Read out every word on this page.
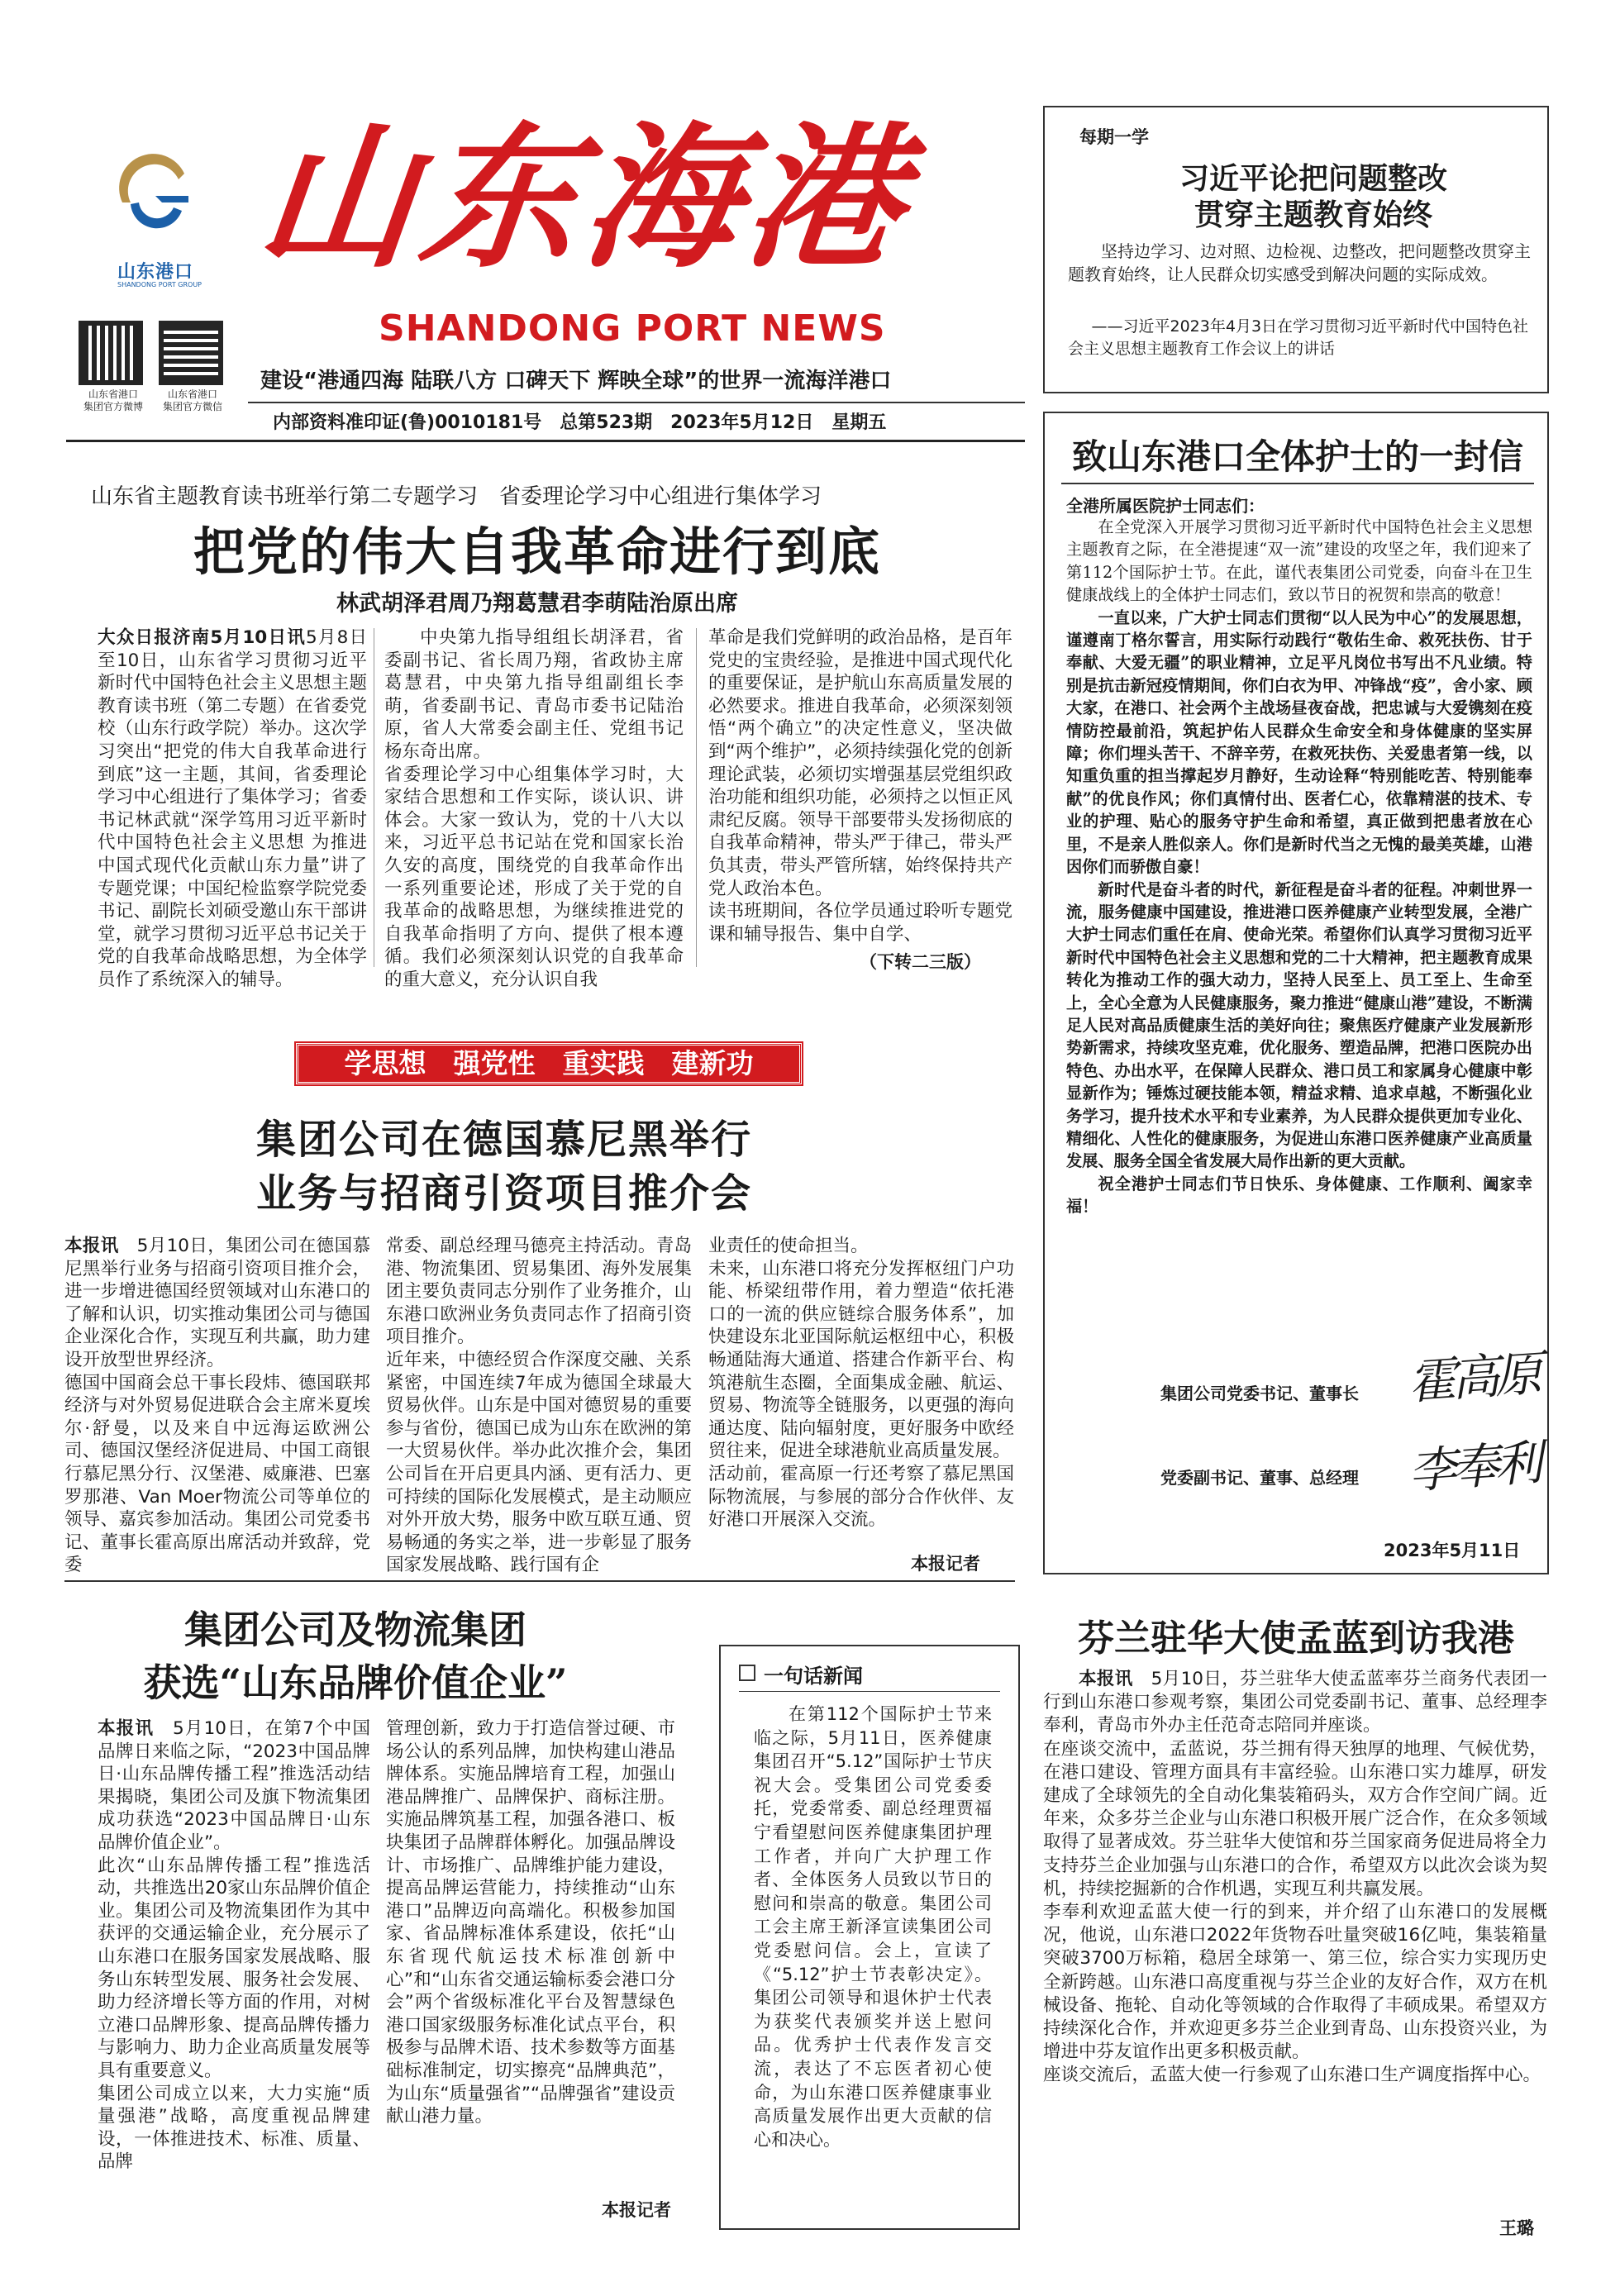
山东港口
SHANDONG PORT GROUP 山东海港
SHANDONG PORT NEWS
山东省港口
集团官方微博
山东省港口
集团官方微信
建设“港通四海 陆联八方 口碑天下 辉映全球”的世界一流海洋港口
内部资料准印证(鲁)0010181号　总第523期　2023年5月12日　星期五
每期一学
习近平论把问题整改
贯穿主题教育始终
坚持边学习、边对照、边检视、边整改，把问题整改贯穿主题教育始终，让人民群众切实感受到解决问题的实际成效。
——习近平2023年4月3日在学习贯彻习近平新时代中国特色社会主义思想主题教育工作会议上的讲话
山东省主题教育读书班举行第二专题学习　省委理论学习中心组进行集体学习
把党的伟大自我革命进行到底
林武胡泽君周乃翔葛慧君李萌陆治原出席
大众日报济南5月10日讯5月8日至10日，山东省学习贯彻习近平新时代中国特色社会主义思想主题教育读书班（第二专题）在省委党校（山东行政学院）举办。这次学习突出“把党的伟大自我革命进行到底”这一主题，其间，省委理论学习中心组进行了集体学习；省委书记林武就“深学笃用习近平新时代中国特色社会主义思想 为推进中国式现代化贡献山东力量”讲了专题党课；中国纪检监察学院党委书记、副院长刘硕受邀山东干部讲堂，就学习贯彻习近平总书记关于党的自我革命战略思想，为全体学员作了系统深入的辅导。
中央第九指导组组长胡泽君，省委副书记、省长周乃翔，省政协主席葛慧君，中央第九指导组副组长李萌，省委副书记、青岛市委书记陆治原，省人大常委会副主任、党组书记杨东奇出席。
省委理论学习中心组集体学习时，大家结合思想和工作实际，谈认识、讲体会。大家一致认为，党的十八大以来，习近平总书记站在党和国家长治久安的高度，围绕党的自我革命作出一系列重要论述，形成了关于党的自我革命的战略思想，为继续推进党的自我革命指明了方向、提供了根本遵循。我们必须深刻认识党的自我革命的重大意义，充分认识自我
革命是我们党鲜明的政治品格，是百年党史的宝贵经验，是推进中国式现代化的重要保证，是护航山东高质量发展的必然要求。推进自我革命，必须深刻领悟“两个确立”的决定性意义，坚决做到“两个维护”，必须持续强化党的创新理论武装，必须切实增强基层党组织政治功能和组织功能，必须持之以恒正风肃纪反腐。领导干部要带头发扬彻底的自我革命精神，带头严于律己，带头严负其责，带头严管所辖，始终保持共产党人政治本色。
读书班期间，各位学员通过聆听专题党课和辅导报告、集中自学、
（下转二三版）
致山东港口全体护士的一封信
全港所属医院护士同志们：
在全党深入开展学习贯彻习近平新时代中国特色社会主义思想主题教育之际，在全港提速“双一流”建设的攻坚之年，我们迎来了第112个国际护士节。在此，谨代表集团公司党委，向奋斗在卫生健康战线上的全体护士同志们，致以节日的祝贺和崇高的敬意！
一直以来，广大护士同志们贯彻“以人民为中心”的发展思想，谨遵南丁格尔誓言，用实际行动践行“敬佑生命、救死扶伤、甘于奉献、大爱无疆”的职业精神，立足平凡岗位书写出不凡业绩。特别是抗击新冠疫情期间，你们白衣为甲、冲锋战“疫”，舍小家、顾大家，在港口、社会两个主战场昼夜奋战，把忠诚与大爱镌刻在疫情防控最前沿，筑起护佑人民群众生命安全和身体健康的坚实屏障；你们埋头苦干、不辞辛劳，在救死扶伤、关爱患者第一线，以知重负重的担当撑起岁月静好，生动诠释“特别能吃苦、特别能奉献”的优良作风；你们真情付出、医者仁心，依靠精湛的技术、专业的护理、贴心的服务守护生命和希望，真正做到把患者放在心里，不是亲人胜似亲人。你们是新时代当之无愧的最美英雄，山港因你们而骄傲自豪！
新时代是奋斗者的时代，新征程是奋斗者的征程。冲刺世界一流，服务健康中国建设，推进港口医养健康产业转型发展，全港广大护士同志们重任在肩、使命光荣。希望你们认真学习贯彻习近平新时代中国特色社会主义思想和党的二十大精神，把主题教育成果转化为推动工作的强大动力，坚持人民至上、员工至上、生命至上，全心全意为人民健康服务，聚力推进“健康山港”建设，不断满足人民对高品质健康生活的美好向往；聚焦医疗健康产业发展新形势新需求，持续攻坚克难，优化服务、塑造品牌，把港口医院办出特色、办出水平，在保障人民群众、港口员工和家属身心健康中彰显新作为；锤炼过硬技能本领，精益求精、追求卓越，不断强化业务学习，提升技术水平和专业素养，为人民群众提供更加专业化、精细化、人性化的健康服务，为促进山东港口医养健康产业高质量发展、服务全国全省发展大局作出新的更大贡献。
祝全港护士同志们节日快乐、身体健康、工作顺利、阖家幸福！
集团公司党委书记、董事长 霍高原
党委副书记、董事、总经理 李奉利
2023年5月11日
学思想　强党性　重实践　建新功
集团公司在德国慕尼黑举行
业务与招商引资项目推介会
本报讯　 5月10日，集团公司在德国慕尼黑举行业务与招商引资项目推介会，进一步增进德国经贸领域对山东港口的了解和认识，切实推动集团公司与德国企业深化合作，实现互利共赢，助力建设开放型世界经济。
德国中国商会总干事长段炜、德国联邦经济与对外贸易促进联合会主席米夏埃尔·舒曼，以及来自中远海运欧洲公司、德国汉堡经济促进局、中国工商银行慕尼黑分行、汉堡港、威廉港、巴塞罗那港、Van Moer物流公司等单位的领导、嘉宾参加活动。集团公司党委书记、董事长霍高原出席活动并致辞，党委
常委、副总经理马德亮主持活动。青岛港、物流集团、贸易集团、海外发展集团主要负责同志分别作了业务推介，山东港口欧洲业务负责同志作了招商引资项目推介。
近年来，中德经贸合作深度交融、关系紧密，中国连续7年成为德国全球最大贸易伙伴。山东是中国对德贸易的重要参与省份，德国已成为山东在欧洲的第一大贸易伙伴。举办此次推介会，集团公司旨在开启更具内涵、更有活力、更可持续的国际化发展模式，是主动顺应对外开放大势，服务中欧互联互通、贸易畅通的务实之举，进一步彰显了服务国家发展战略、践行国有企
业责任的使命担当。
未来，山东港口将充分发挥枢纽门户功能、桥梁纽带作用，着力塑造“依托港口的一流的供应链综合服务体系”，加快建设东北亚国际航运枢纽中心，积极畅通陆海大通道、搭建合作新平台、构筑港航生态圈，全面集成金融、航运、贸易、物流等全链服务，以更强的海向通达度、陆向辐射度，更好服务中欧经贸往来，促进全球港航业高质量发展。
活动前，霍高原一行还考察了慕尼黑国际物流展，与参展的部分合作伙伴、友好港口开展深入交流。
本报记者
集团公司及物流集团
获选“山东品牌价值企业”
本报讯　 5月10日，在第7个中国品牌日来临之际，“2023中国品牌日·山东品牌传播工程”推选活动结果揭晓，集团公司及旗下物流集团成功获选“2023中国品牌日·山东品牌价值企业”。
此次“山东品牌传播工程”推选活动，共推选出20家山东品牌价值企业。集团公司及物流集团作为其中获评的交通运输企业，充分展示了山东港口在服务国家发展战略、服务山东转型发展、服务社会发展、助力经济增长等方面的作用，对树立港口品牌形象、提高品牌传播力与影响力、助力企业高质量发展等具有重要意义。
集团公司成立以来，大力实施“质量强港”战略，高度重视品牌建设，一体推进技术、标准、质量、品牌
管理创新，致力于打造信誉过硬、市场公认的系列品牌，加快构建山港品牌体系。实施品牌培育工程，加强山港品牌推广、品牌保护、商标注册。实施品牌筑基工程，加强各港口、板块集团子品牌群体孵化。加强品牌设计、市场推广、品牌维护能力建设，提高品牌运营能力，持续推动“山东港口”品牌迈向高端化。积极参加国家、省品牌标准体系建设，依托“山东省现代航运技术标准创新中心”和“山东省交通运输标委会港口分会”两个省级标准化平台及智慧绿色港口国家级服务标准化试点平台，积极参与品牌术语、技术参数等方面基础标准制定，切实擦亮“品牌典范”，为山东“质量强省”“品牌强省”建设贡献山港力量。
本报记者
一句话新闻
在第112个国际护士节来临之际，5月11日，医养健康集团召开“5.12”国际护士节庆祝大会。受集团公司党委委托，党委常委、副总经理贾福宁看望慰问医养健康集团护理工作者，并向广大护理工作者、全体医务人员致以节日的慰问和崇高的敬意。集团公司工会主席王新泽宣读集团公司党委慰问信。会上，宣读了《“5.12”护士节表彰决定》。集团公司领导和退休护士代表为获奖代表颁奖并送上慰问品。优秀护士代表作发言交流，表达了不忘医者初心使命，为山东港口医养健康事业高质量发展作出更大贡献的信心和决心。
芬兰驻华大使孟蓝到访我港
本报讯　 5月10日，芬兰驻华大使孟蓝率芬兰商务代表团一行到山东港口参观考察，集团公司党委副书记、董事、总经理李奉利，青岛市外办主任范奇志陪同并座谈。
在座谈交流中，孟蓝说，芬兰拥有得天独厚的地理、气候优势，在港口建设、管理方面具有丰富经验。山东港口实力雄厚，研发建成了全球领先的全自动化集装箱码头，双方合作空间广阔。近年来，众多芬兰企业与山东港口积极开展广泛合作，在众多领域取得了显著成效。芬兰驻华大使馆和芬兰国家商务促进局将全力支持芬兰企业加强与山东港口的合作，希望双方以此次会谈为契机，持续挖掘新的合作机遇，实现互利共赢发展。
李奉利欢迎孟蓝大使一行的到来，并介绍了山东港口的发展概况，他说，山东港口2022年货物吞吐量突破16亿吨，集装箱量突破3700万标箱，稳居全球第一、第三位，综合实力实现历史全新跨越。山东港口高度重视与芬兰企业的友好合作，双方在机械设备、拖轮、自动化等领域的合作取得了丰硕成果。希望双方持续深化合作，并欢迎更多芬兰企业到青岛、山东投资兴业，为增进中芬友谊作出更多积极贡献。
座谈交流后，孟蓝大使一行参观了山东港口生产调度指挥中心。
王璐
